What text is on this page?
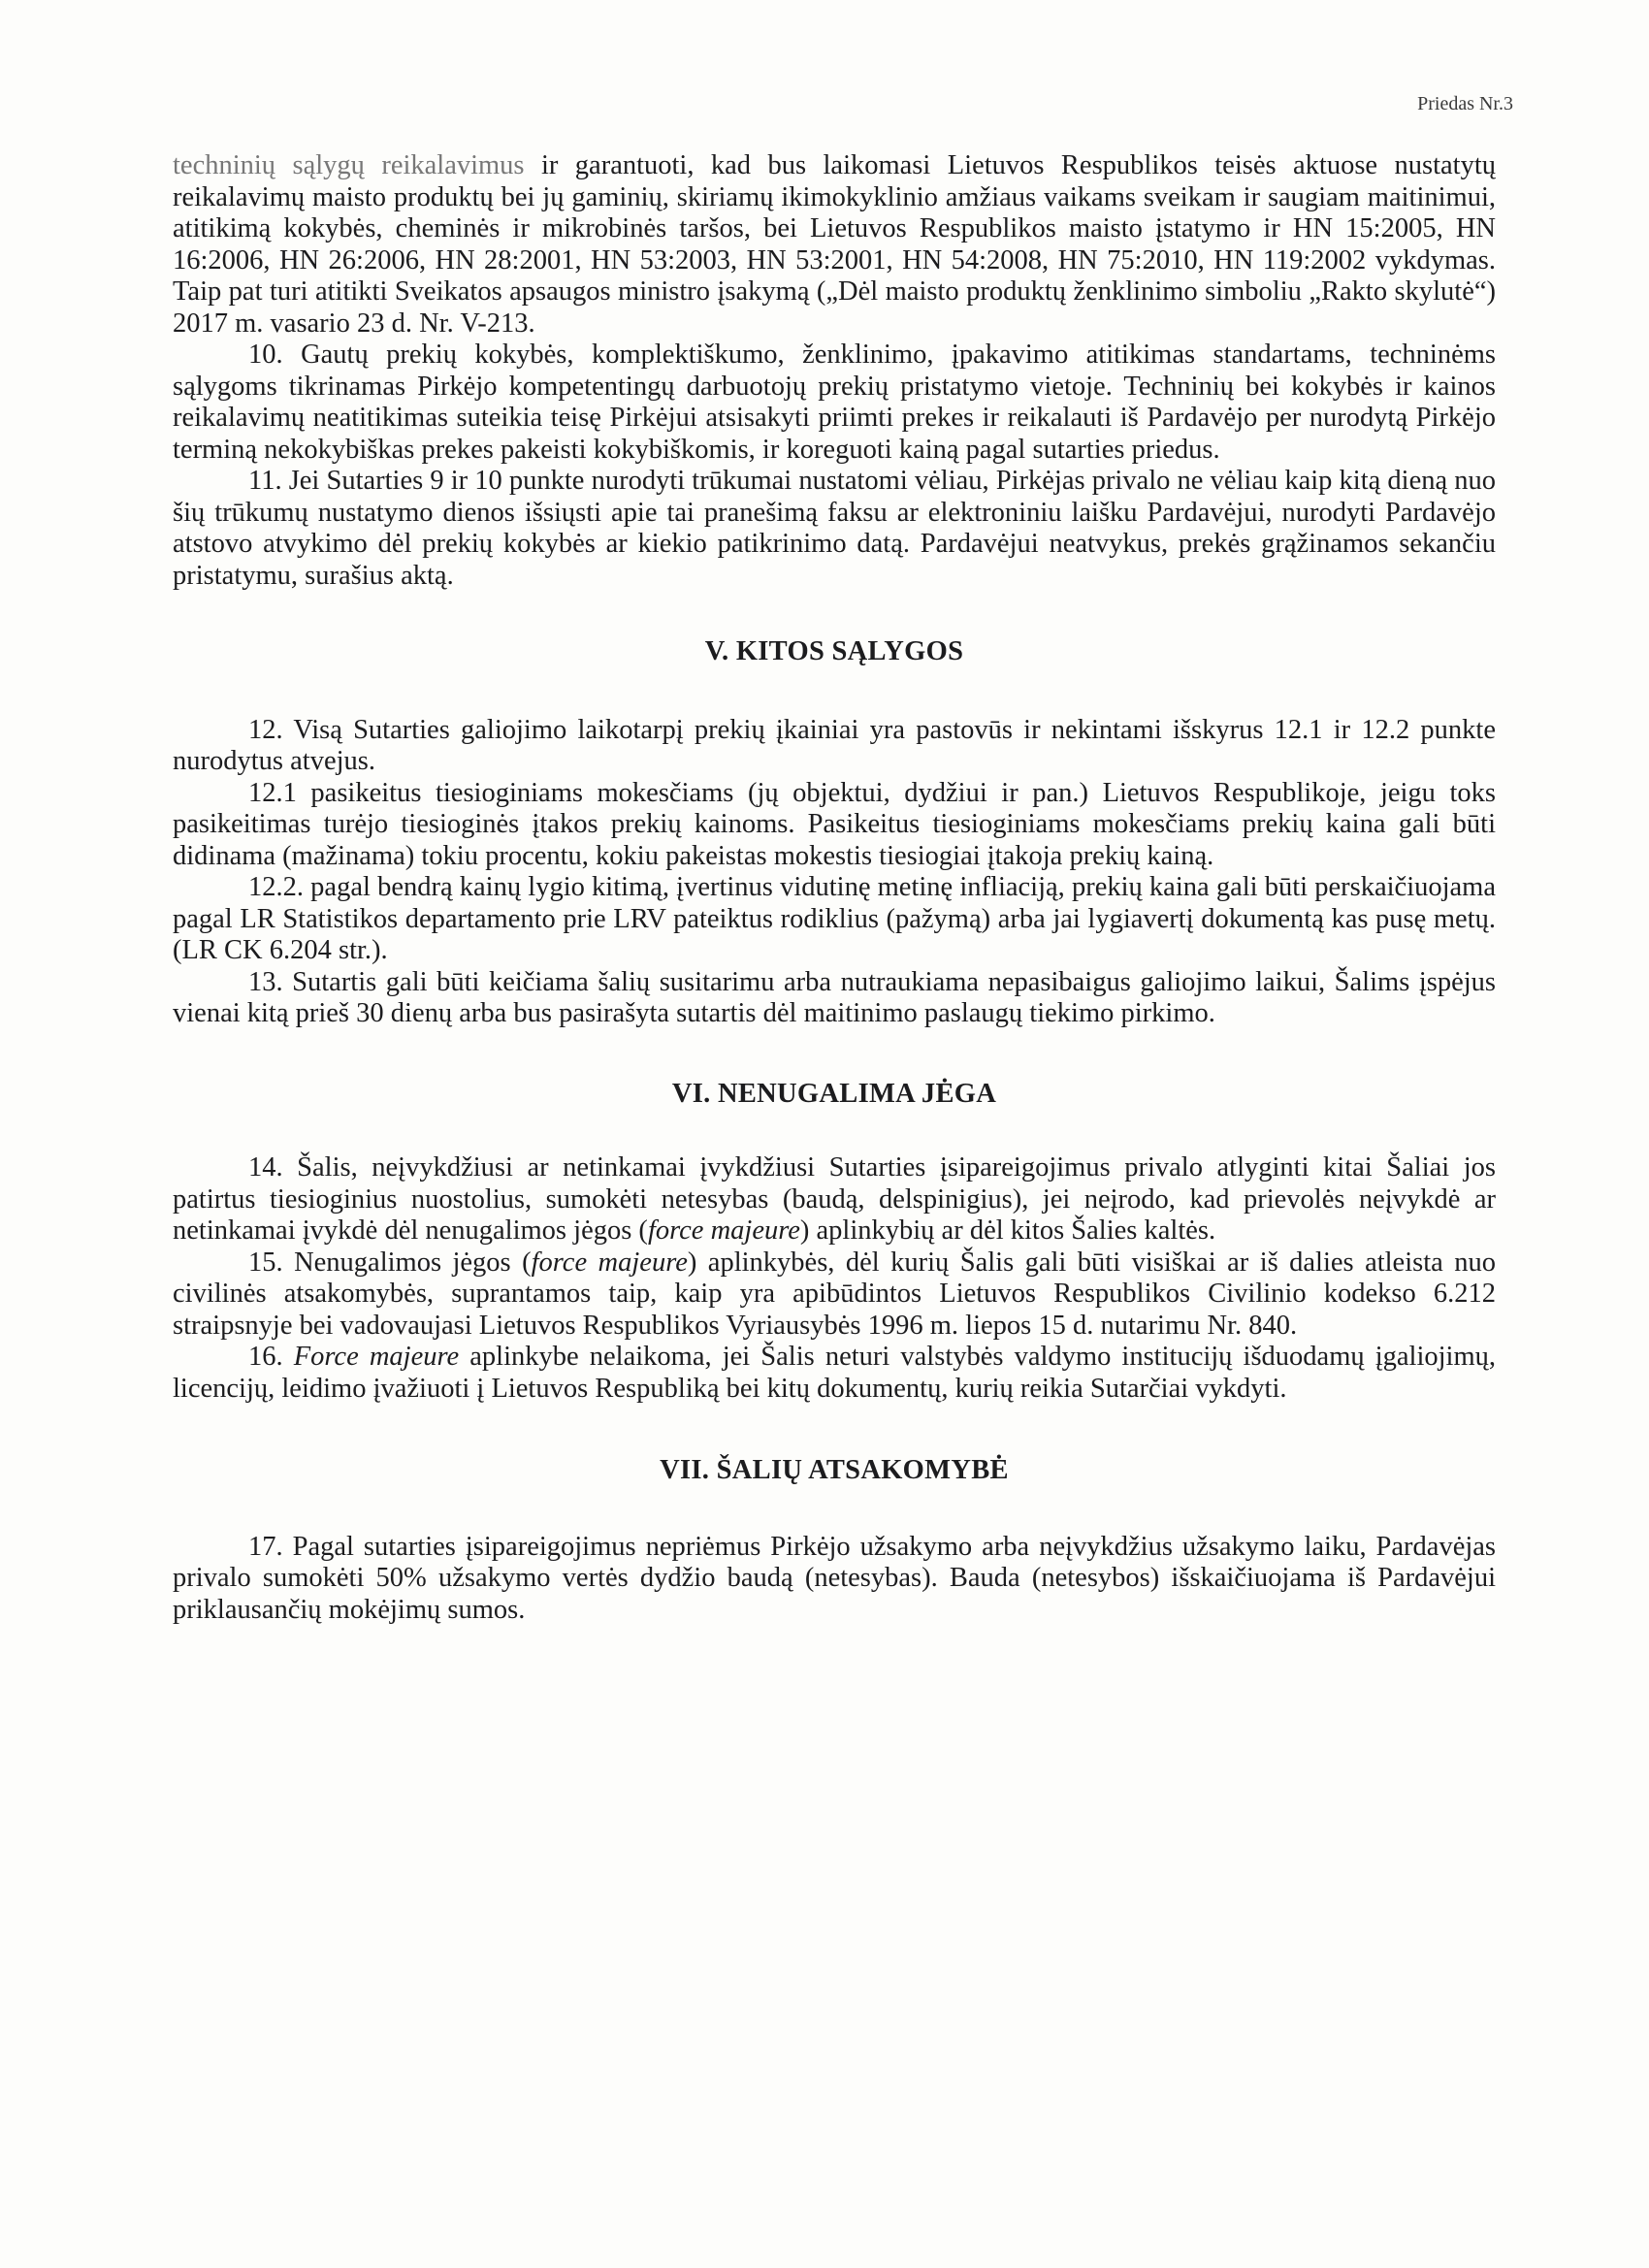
Priedas Nr.3

techninių sąlygų reikalavimus ir garantuoti, kad bus laikomasi Lietuvos Respublikos teisės aktuose nustatytų reikalavimų maisto produktų bei jų gaminių, skiriamų ikimokyklinio amžiaus vaikams sveikam ir saugiam maitinimui, atitikimą kokybės, cheminės ir mikrobinės taršos, bei Lietuvos Respublikos maisto įstatymo ir HN 15:2005, HN 16:2006, HN 26:2006, HN 28:2001, HN 53:2003, HN 53:2001, HN 54:2008, HN 75:2010, HN 119:2002 vykdymas. Taip pat turi atitikti Sveikatos apsaugos ministro įsakymą („Dėl maisto produktų ženklinimo simboliu „Rakto skylutė“) 2017 m. vasario 23 d. Nr. V-213.

10. Gautų prekių kokybės, komplektiškumo, ženklinimo, įpakavimo atitikimas standartams, techninėms sąlygoms tikrinamas Pirkėjo kompetentingų darbuotojų prekių pristatymo vietoje. Techninių bei kokybės ir kainos reikalavimų neatitikimas suteikia teisę Pirkėjui atsisakyti priimti prekes ir reikalauti iš Pardavėjo per nurodytą Pirkėjo terminą nekokybiškas prekes pakeisti kokybiškomis, ir koreguoti kainą pagal sutarties priedus.

11. Jei Sutarties 9 ir 10 punkte nurodyti trūkumai nustatomi vėliau, Pirkėjas privalo ne vėliau kaip kitą dieną nuo šių trūkumų nustatymo dienos išsiųsti apie tai pranešimą faksu ar elektroniniu laišku Pardavėjui, nurodyti Pardavėjo atstovo atvykimo dėl prekių kokybės ar kiekio patikrinimo datą. Pardavėjui neatvykus, prekės grąžinamos sekančiu pristatymu, surašius aktą.

V. KITOS SĄLYGOS

12. Visą Sutarties galiojimo laikotarpį prekių įkainiai yra pastovūs ir nekintami išskyrus 12.1 ir 12.2 punkte nurodytus atvejus.

12.1 pasikeitus tiesioginiams mokesčiams (jų objektui, dydžiui ir pan.) Lietuvos Respublikoje, jeigu toks pasikeitimas turėjo tiesioginės įtakos prekių kainoms. Pasikeitus tiesioginiams mokesčiams prekių kaina gali būti didinama (mažinama) tokiu procentu, kokiu pakeistas mokestis tiesiogiai įtakoja prekių kainą.

12.2. pagal bendrą kainų lygio kitimą, įvertinus vidutinę metinę infliaciją, prekių kaina gali būti perskaičiuojama pagal LR Statistikos departamento prie LRV pateiktus rodiklius (pažymą) arba jai lygiavertį dokumentą kas pusę metų. (LR CK 6.204 str.).

13. Sutartis gali būti keičiama šalių susitarimu arba nutraukiama nepasibaigus galiojimo laikui, Šalims įspėjus vienai kitą prieš 30 dienų arba bus pasirašyta sutartis dėl maitinimo paslaugų tiekimo pirkimo.

VI. NENUGALIMA JĖGA

14. Šalis, neįvykdžiusi ar netinkamai įvykdžiusi Sutarties įsipareigojimus privalo atlyginti kitai Šaliai jos patirtus tiesioginius nuostolius, sumokėti netesybas (baudą, delspinigius), jei neįrodo, kad prievolės neįvykdė ar netinkamai įvykdė dėl nenugalimos jėgos (force majeure) aplinkybių ar dėl kitos Šalies kaltės.

15. Nenugalimos jėgos (force majeure) aplinkybės, dėl kurių Šalis gali būti visiškai ar iš dalies atleista nuo civilinės atsakomybės, suprantamos taip, kaip yra apibūdintos Lietuvos Respublikos Civilinio kodekso 6.212 straipsnyje bei vadovaujasi Lietuvos Respublikos Vyriausybės 1996 m. liepos 15 d. nutarimu Nr. 840.

16. Force majeure aplinkybe nelaikoma, jei Šalis neturi valstybės valdymo institucijų išduodamų įgaliojimų, licencijų, leidimo įvažiuoti į Lietuvos Respubliką bei kitų dokumentų, kurių reikia Sutarčiai vykdyti.

VII. ŠALIŲ ATSAKOMYBĖ

17. Pagal sutarties įsipareigojimus nepriėmus Pirkėjo užsakymo arba neįvykdžius užsakymo laiku, Pardavėjas privalo sumokėti 50% užsakymo vertės dydžio baudą (netesybas). Bauda (netesybos) išskaičiuojama iš Pardavėjui priklausančių mokėjimų sumos.
